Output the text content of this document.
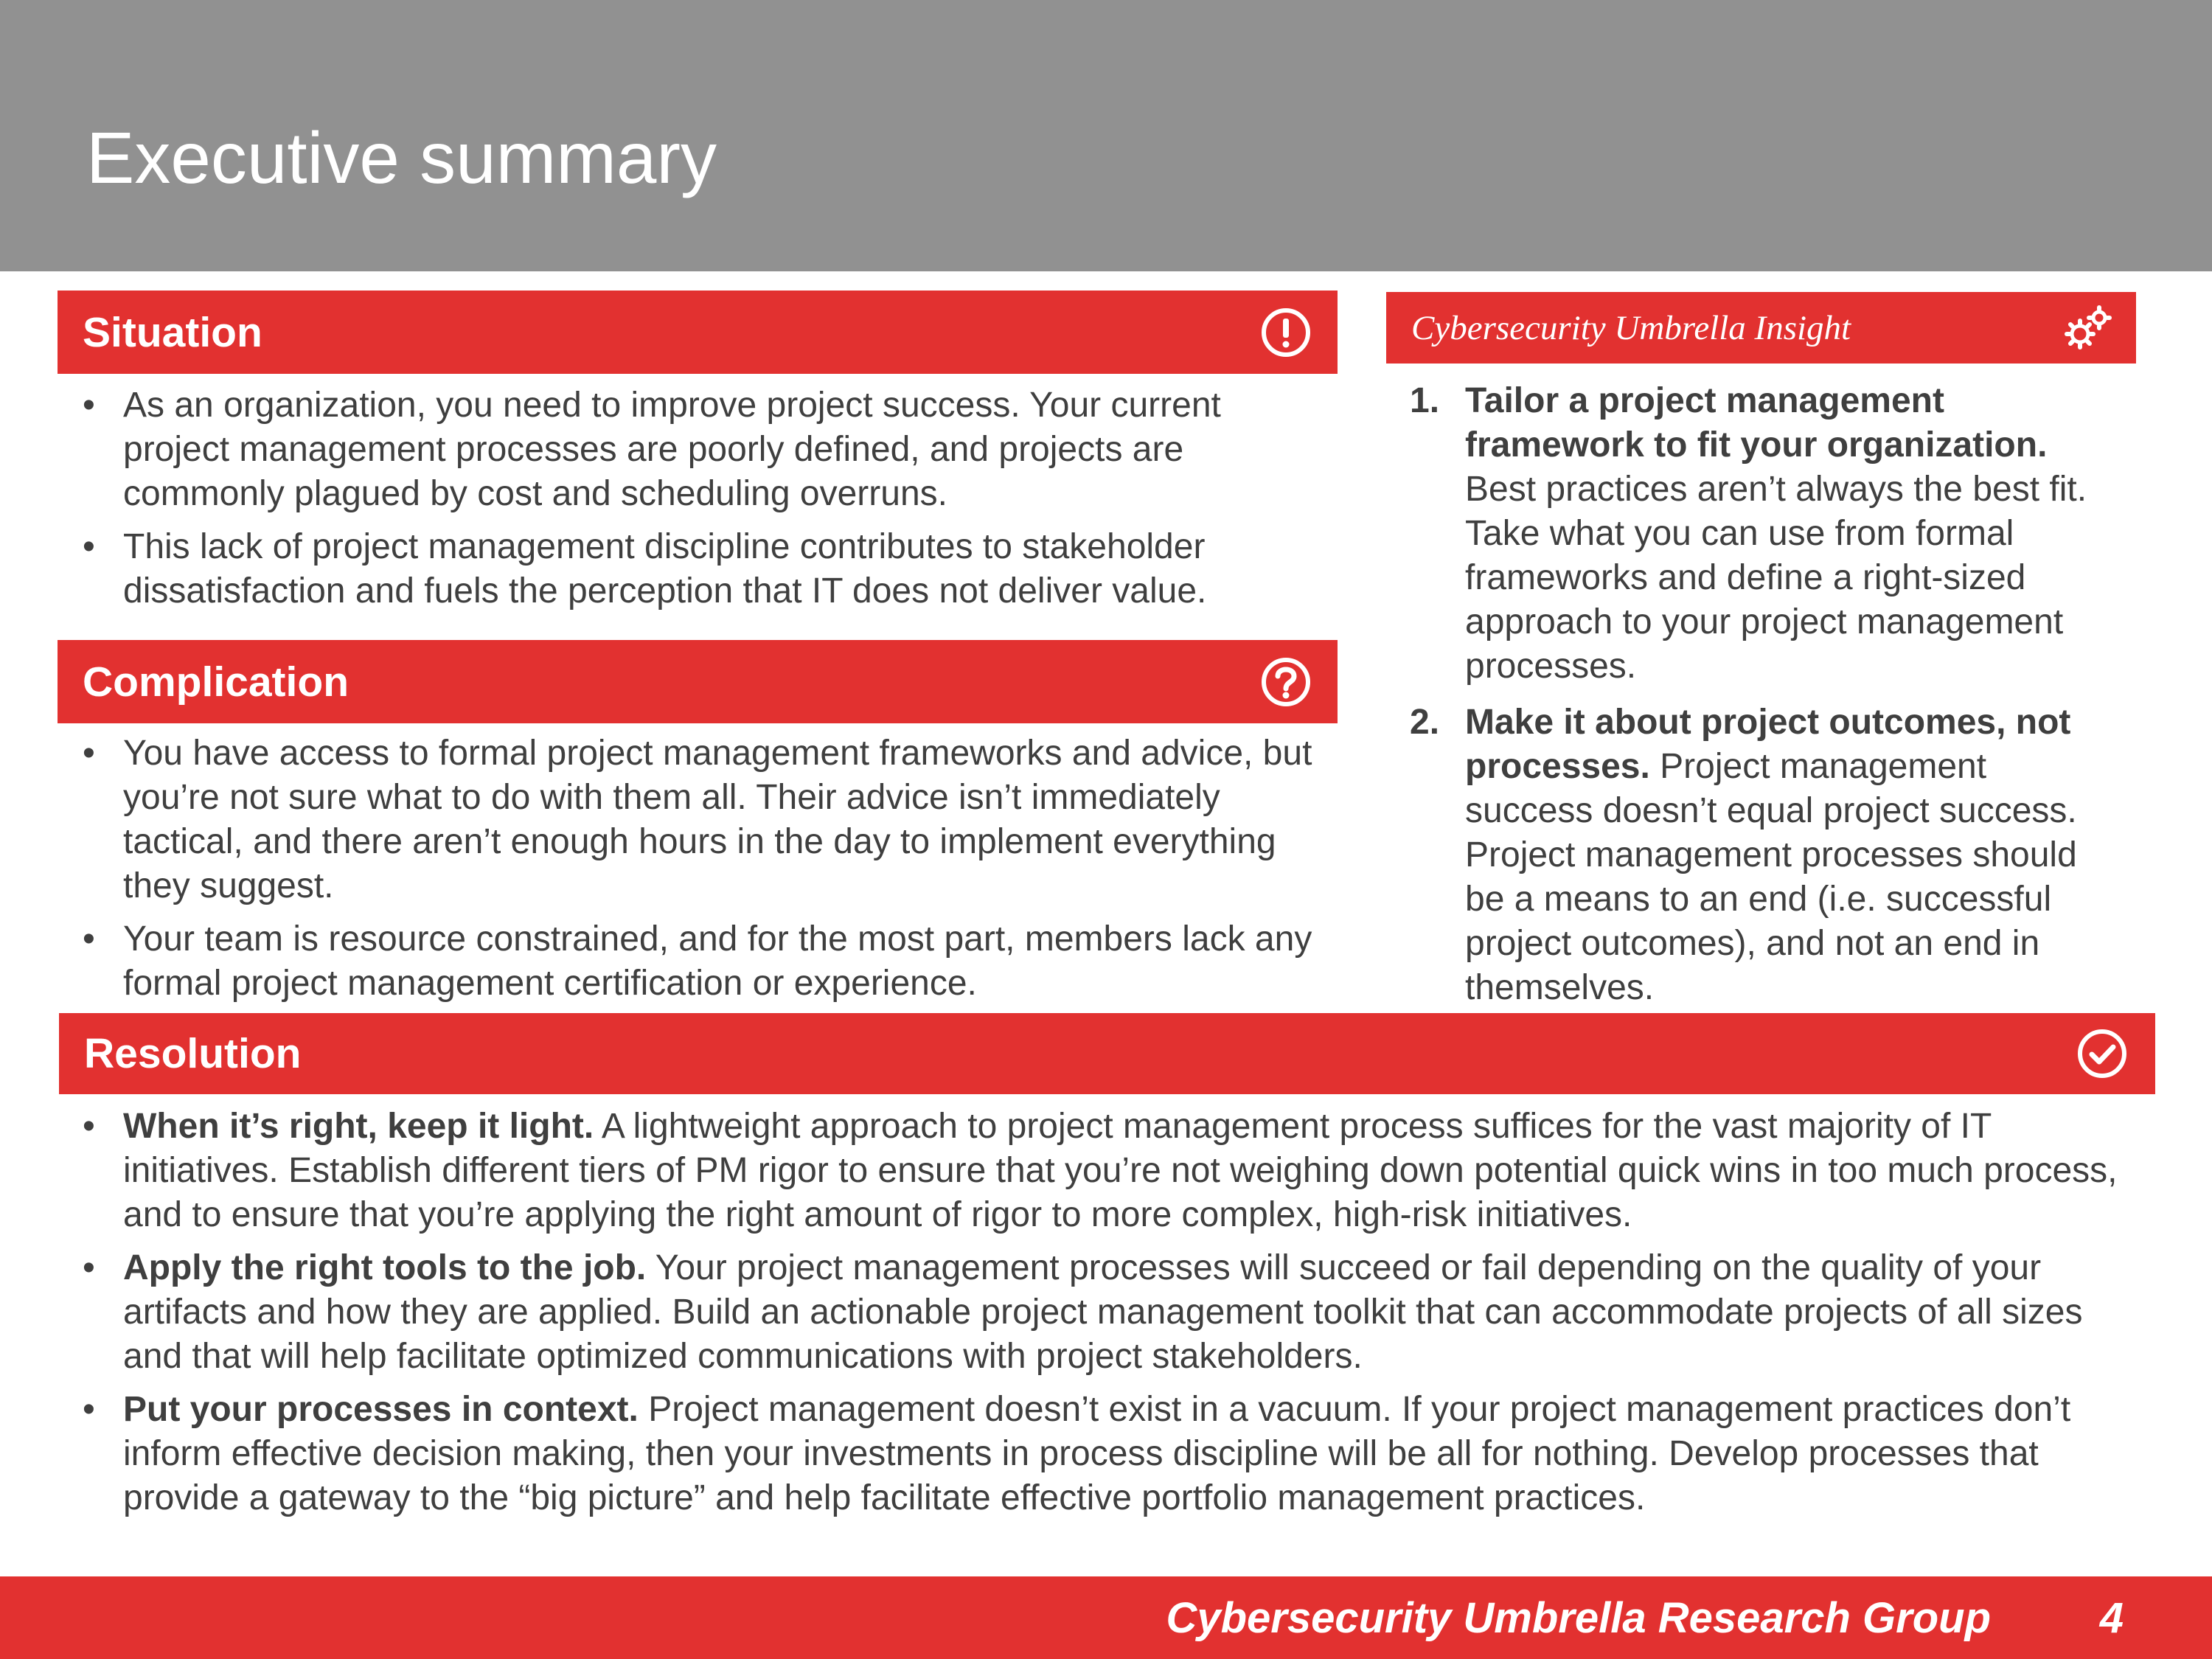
Executive summary
Situation
• As an organization, you need to improve project success. Your current project management processes are poorly defined, and projects are commonly plagued by cost and scheduling overruns.
• This lack of project management discipline contributes to stakeholder dissatisfaction and fuels the perception that IT does not deliver value.
Complication
• You have access to formal project management frameworks and advice, but you’re not sure what to do with them all. Their advice isn’t immediately tactical, and there aren’t enough hours in the day to implement everything they suggest.
• Your team is resource constrained, and for the most part, members lack any formal project management certification or experience.
Cybersecurity Umbrella Insight
1. Tailor a project management framework to fit your organization. Best practices aren’t always the best fit. Take what you can use from formal frameworks and define a right-sized approach to your project management processes.
2. Make it about project outcomes, not processes. Project management success doesn’t equal project success. Project management processes should be a means to an end (i.e. successful project outcomes), and not an end in themselves.
Resolution
• When it’s right, keep it light. A lightweight approach to project management process suffices for the vast majority of IT initiatives. Establish different tiers of PM rigor to ensure that you’re not weighing down potential quick wins in too much process, and to ensure that you’re applying the right amount of rigor to more complex, high-risk initiatives.
• Apply the right tools to the job. Your project management processes will succeed or fail depending on the quality of your artifacts and how they are applied. Build an actionable project management toolkit that can accommodate projects of all sizes and that will help facilitate optimized communications with project stakeholders.
• Put your processes in context. Project management doesn’t exist in a vacuum. If your project management practices don’t inform effective decision making, then your investments in process discipline will be all for nothing. Develop processes that provide a gateway to the “big picture” and help facilitate effective portfolio management practices.
Cybersecurity Umbrella Research Group	4
